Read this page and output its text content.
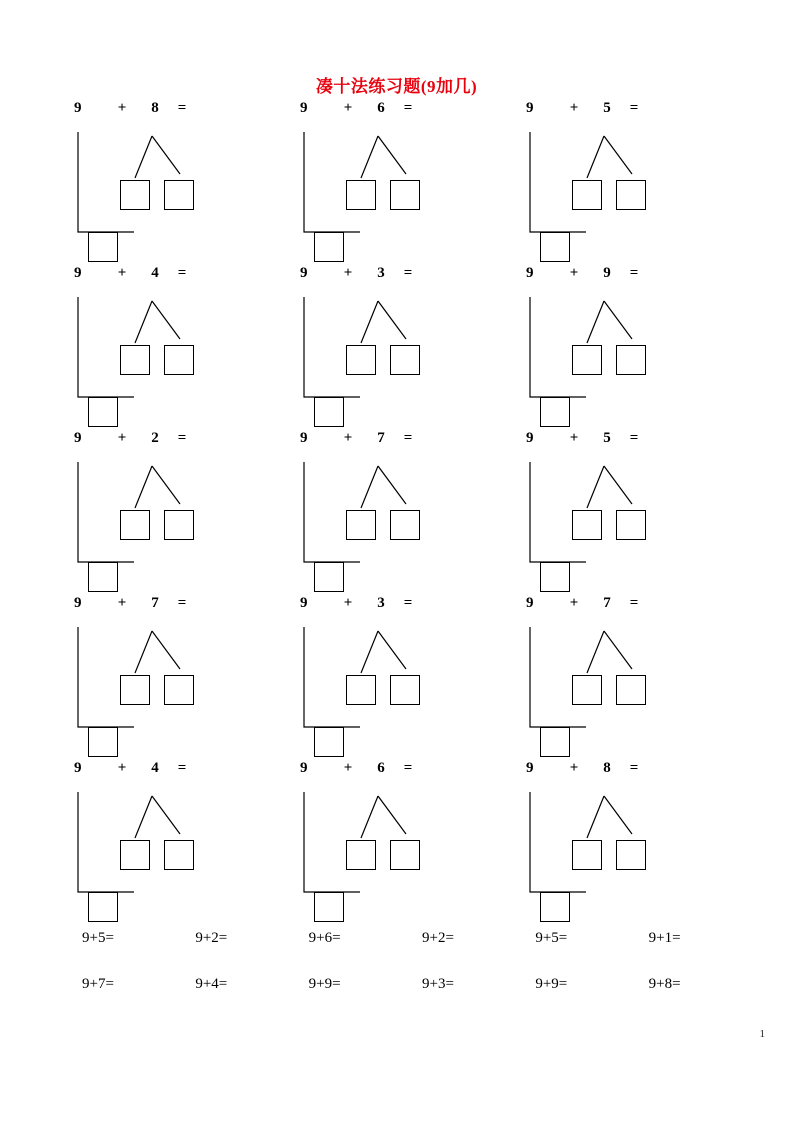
凑十法练习题(9加几)
9	+	8	=	9	+	6	=	9	+	5	=
9	+	4	=	9	+	3	=	9	+	9	=
9	+	2	=	9	+	7	=	9	+	5	=
9	+	7	=	9	+	3	=	9	+	7	=
9	+	4	=	9	+	6	=	9	+	8	=
9+5=	9+2=	9+6=	9+2=	9+5=	9+1=
9+7=	9+4=	9+9=	9+3=	9+9=	9+8=
1
